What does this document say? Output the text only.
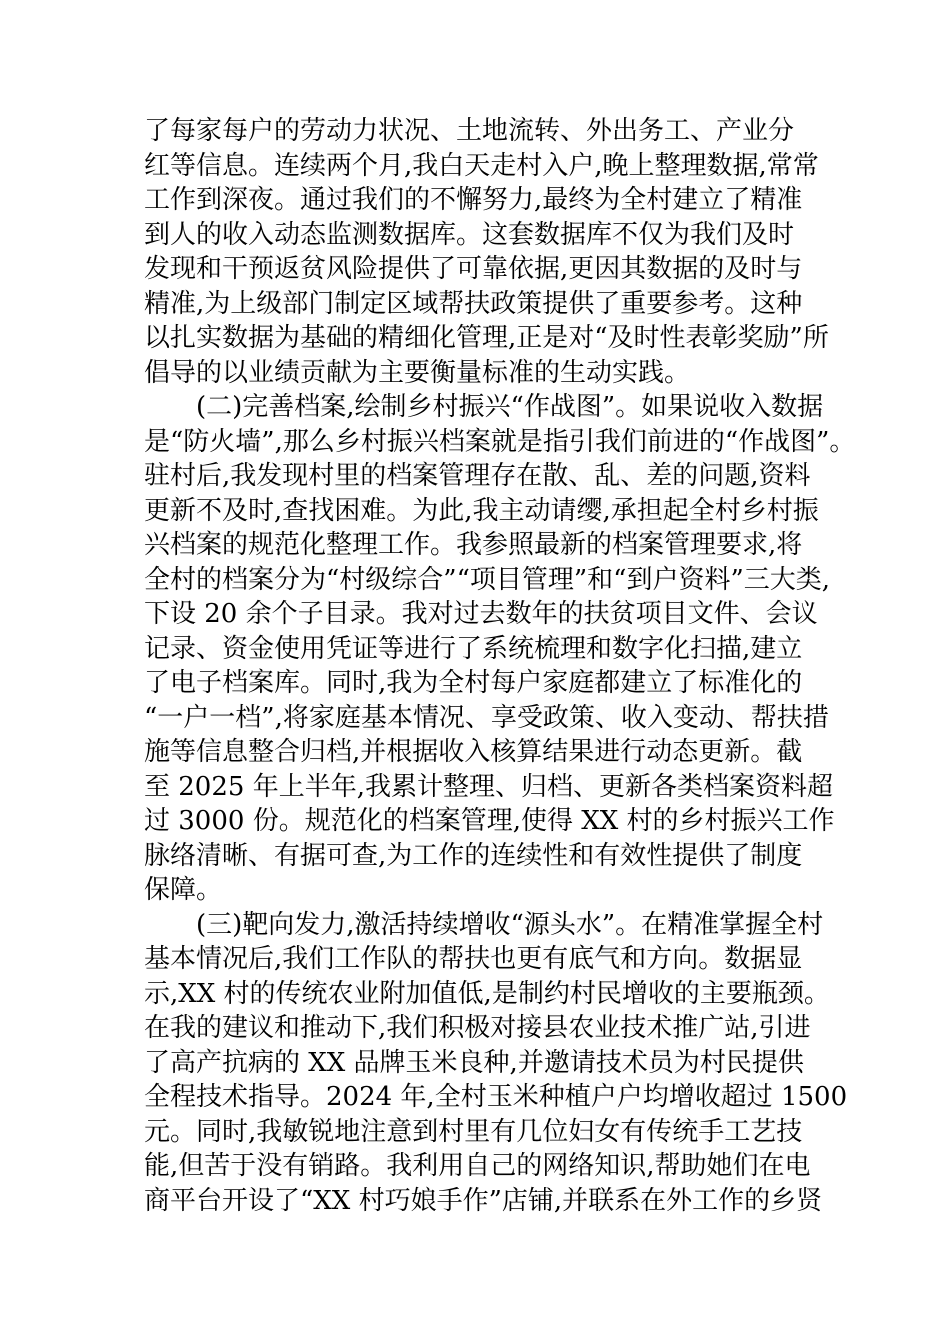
了每家每户的劳动力状况、土地流转、外出务工、产业分
红等信息。连续两个月,我白天走村入户,晚上整理数据,常常
工作到深夜。通过我们的不懈努力,最终为全村建立了精准
到人的收入动态监测数据库。这套数据库不仅为我们及时
发现和干预返贫风险提供了可靠依据,更因其数据的及时与
精准,为上级部门制定区域帮扶政策提供了重要参考。这种
以扎实数据为基础的精细化管理,正是对“及时性表彰奖励”所
倡导的以业绩贡献为主要衡量标准的生动实践。
(二)完善档案,绘制乡村振兴“作战图”。如果说收入数据
是“防火墙”,那么乡村振兴档案就是指引我们前进的“作战图”。
驻村后,我发现村里的档案管理存在散、乱、差的问题,资料
更新不及时,查找困难。为此,我主动请缨,承担起全村乡村振
兴档案的规范化整理工作。我参照最新的档案管理要求,将
全村的档案分为“村级综合”“项目管理”和“到户资料”三大类,
下设 20 余个子目录。我对过去数年的扶贫项目文件、会议
记录、资金使用凭证等进行了系统梳理和数字化扫描,建立
了电子档案库。同时,我为全村每户家庭都建立了标准化的
“一户一档”,将家庭基本情况、享受政策、收入变动、帮扶措
施等信息整合归档,并根据收入核算结果进行动态更新。截
至 2025 年上半年,我累计整理、归档、更新各类档案资料超
过 3000 份。规范化的档案管理,使得 XX 村的乡村振兴工作
脉络清晰、有据可查,为工作的连续性和有效性提供了制度
保障。
(三)靶向发力,激活持续增收“源头水”。在精准掌握全村
基本情况后,我们工作队的帮扶也更有底气和方向。数据显
示,XX 村的传统农业附加值低,是制约村民增收的主要瓶颈。
在我的建议和推动下,我们积极对接县农业技术推广站,引进
了高产抗病的 XX 品牌玉米良种,并邀请技术员为村民提供
全程技术指导。2024 年,全村玉米种植户户均增收超过 1500
元。同时,我敏锐地注意到村里有几位妇女有传统手工艺技
能,但苦于没有销路。我利用自己的网络知识,帮助她们在电
商平台开设了“XX 村巧娘手作”店铺,并联系在外工作的乡贤
